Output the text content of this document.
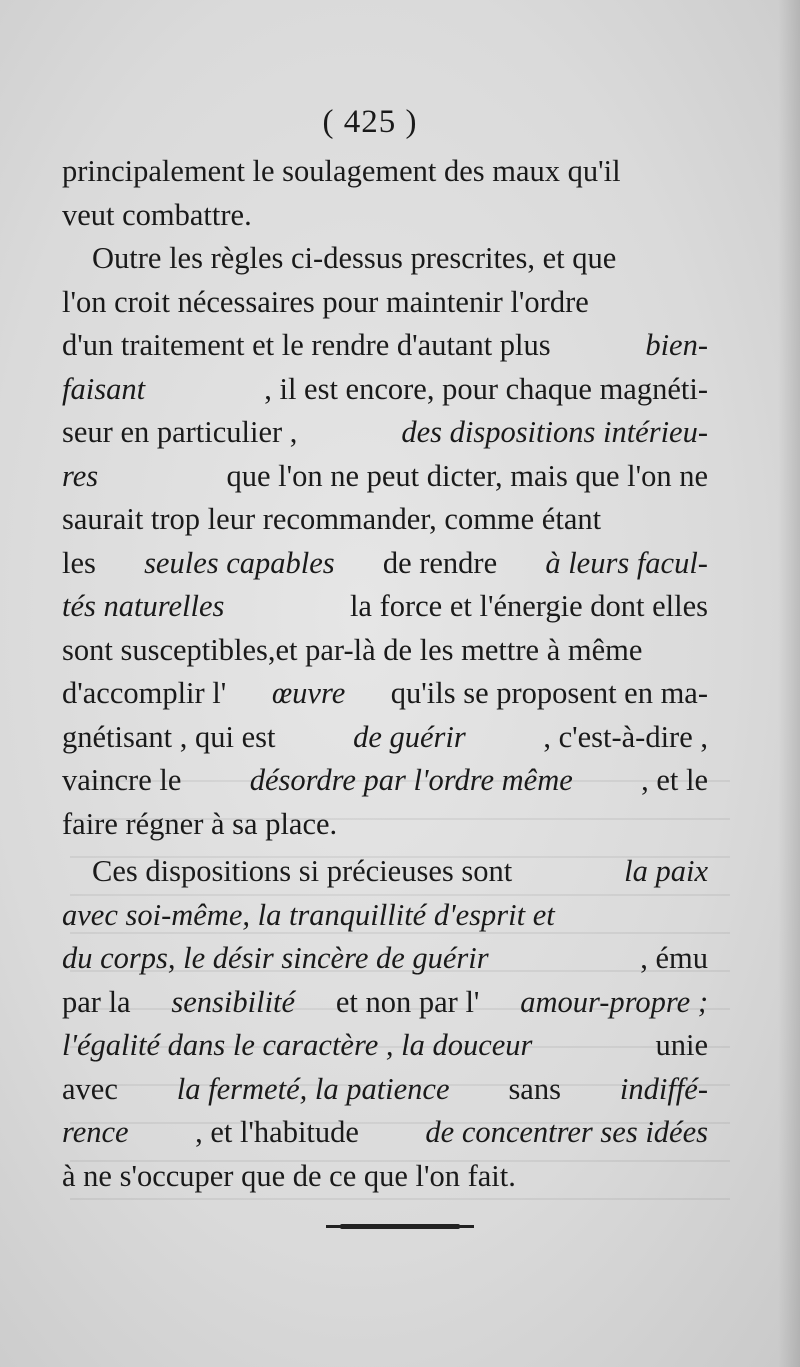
( 425 )
principalement le soulagement des maux qu'il
veut combattre.
Outre les règles ci-dessus prescrites, et que
l'on croit nécessaires pour maintenir l'ordre
d'un traitement et le rendre d'autant plus	bien-
faisant	, il est encore, pour chaque magnéti-
seur en particulier ,	des dispositions intérieu-
res	que l'on ne peut dicter, mais que l'on ne
saurait trop leur recommander, comme étant
les seules capables de rendre à leurs facul-
tés naturelles	la force et l'énergie dont elles
sont susceptibles,et par-là de les mettre à même
d'accomplir l' œuvre qu'ils se proposent en ma-
gnétisant , qui est	de guérir	, c'est-à-dire ,
vaincre le désordre par l'ordre même , et le
faire régner à sa place.
Ces dispositions si précieuses sont	la paix
avec soi-même, la tranquillité d'esprit et
du corps, le désir sincère de guérir	, ému
par la sensibilité et non par l' amour-propre ;
l'égalité dans le caractère , la douceur	unie
avec la fermeté, la patience sans indiffé-
rence , et l'habitude de concentrer ses idées
à ne s'occuper que de ce que l'on fait.
